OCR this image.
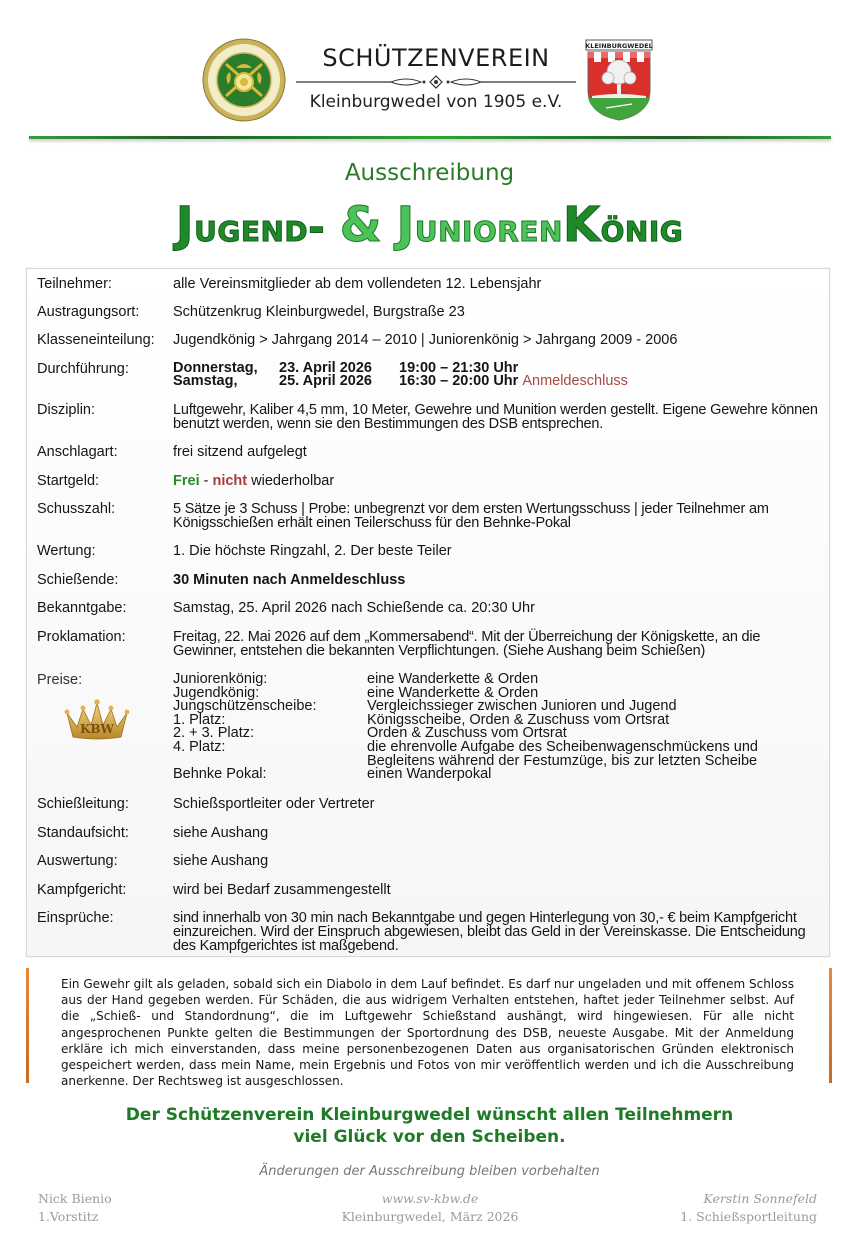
SCHÜTZENVEREIN
Kleinburgwedel von 1905 e.V.
KLEINBURGWEDEL
Ausschreibung
Jugend- & JuniorenKönig
Teilnehmer:	alle Vereinsmitglieder ab dem vollendeten 12. Lebensjahr
Austragungsort:	Schützenkrug Kleinburgwedel, Burgstraße 23
Klasseneinteilung:	Jugendkönig > Jahrgang 2014 – 2010 | Juniorenkönig > Jahrgang 2009 - 2006
Durchführung:	Donnerstag,	23. April 2026	19:00 – 21:30 Uhr
Samstag,	25. April 2026	16:30 – 20:00 Uhr Anmeldeschluss
Disziplin:	Luftgewehr, Kaliber 4,5 mm, 10 Meter, Gewehre und Munition werden gestellt. Eigene Gewehre können benutzt werden, wenn sie den Bestimmungen des DSB entsprechen.
Anschlagart:	frei sitzend aufgelegt
Startgeld:	Frei - nicht wiederholbar
Schusszahl:	5 Sätze je 3 Schuss | Probe: unbegrenzt vor dem ersten Wertungsschuss | jeder Teilnehmer am Königsschießen erhält einen Teilerschuss für den Behnke-Pokal
Wertung:	1. Die höchste Ringzahl, 2. Der beste Teiler
Schießende:	30 Minuten nach Anmeldeschluss
Bekanntgabe:	Samstag, 25. April 2026 nach Schießende ca. 20:30 Uhr
Proklamation:	Freitag, 22. Mai 2026 auf dem „Kommersabend“. Mit der Überreichung der Königskette, an die Gewinner, entstehen die bekannten Verpflichtungen. (Siehe Aushang beim Schießen)
Preise:	Juniorenkönig:	eine Wanderkette & Orden
Jugendkönig:	eine Wanderkette & Orden
Jungschützenscheibe:	Vergleichssieger zwischen Junioren und Jugend
1. Platz:	Königsscheibe, Orden & Zuschuss vom Ortsrat
2. + 3. Platz:	Orden & Zuschuss vom Ortsrat
4. Platz:	die ehrenvolle Aufgabe des Scheibenwagenschmückens und Begleitens während der Festumzüge, bis zur letzten Scheibe
Behnke Pokal:	einen Wanderpokal
KBW
Schießleitung:	Schießsportleiter oder Vertreter
Standaufsicht:	siehe Aushang
Auswertung:	siehe Aushang
Kampfgericht:	wird bei Bedarf zusammengestellt
Einsprüche:	sind innerhalb von 30 min nach Bekanntgabe und gegen Hinterlegung von 30,- € beim Kampfgericht einzureichen. Wird der Einspruch abgewiesen, bleibt das Geld in der Vereinskasse. Die Entscheidung des Kampfgerichtes ist maßgebend.
Ein Gewehr gilt als geladen, sobald sich ein Diabolo in dem Lauf befindet. Es darf nur ungeladen und mit offenem Schloss aus der Hand gegeben werden. Für Schäden, die aus widrigem Verhalten entstehen, haftet jeder Teilnehmer selbst. Auf die „Schieß- und Standordnung“, die im Luftgewehr Schießstand aushängt, wird hingewiesen. Für alle nicht angesprochenen Punkte gelten die Bestimmungen der Sportordnung des DSB, neueste Ausgabe. Mit der Anmeldung erkläre ich mich einverstanden, dass meine personenbezogenen Daten aus organisatorischen Gründen elektronisch gespeichert werden, dass mein Name, mein Ergebnis und Fotos von mir veröffentlich werden und ich die Ausschreibung anerkenne. Der Rechtsweg ist ausgeschlossen.
Der Schützenverein Kleinburgwedel wünscht allen Teilnehmern
viel Glück vor den Scheiben.
Änderungen der Ausschreibung bleiben vorbehalten
Nick Bienio
1.Vorstitz
www.sv-kbw.de
Kleinburgwedel, März 2026
Kerstin Sonnefeld
1. Schießsportleitung
